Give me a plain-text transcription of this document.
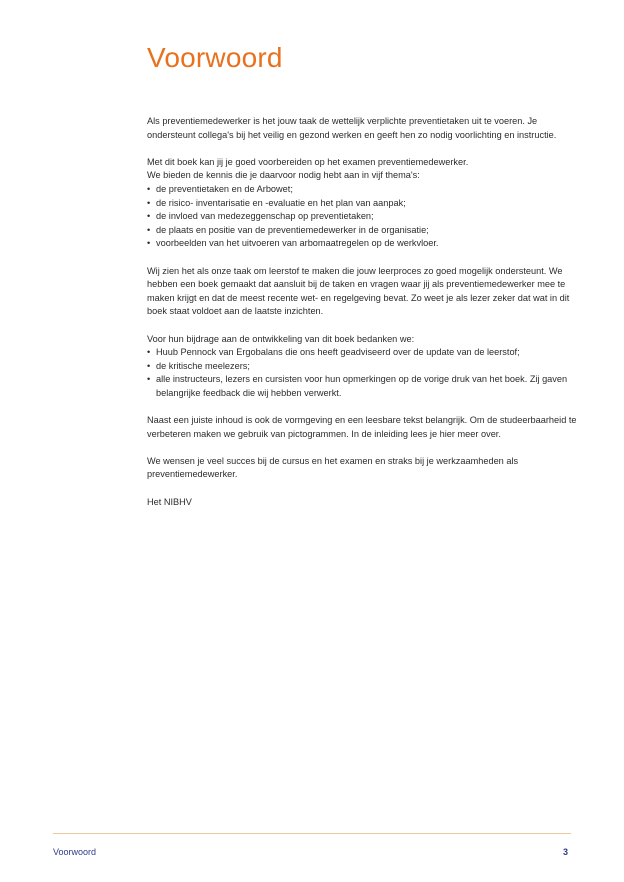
Voorwoord

Als preventiemedewerker is het jouw taak de wettelijk verplichte preventietaken uit te voeren. Je ondersteunt collega's bij het veilig en gezond werken en geeft hen zo nodig voorlichting en instructie.

Met dit boek kan jij je goed voorbereiden op het examen preventiemedewerker.
We bieden de kennis die je daarvoor nodig hebt aan in vijf thema's:
• de preventietaken en de Arbowet;
• de risico- inventarisatie en -evaluatie en het plan van aanpak;
• de invloed van medezeggenschap op preventietaken;
• de plaats en positie van de preventiemedewerker in de organisatie;
• voorbeelden van het uitvoeren van arbomaatregelen op de werkvloer.

Wij zien het als onze taak om leerstof te maken die jouw leerproces zo goed mogelijk ondersteunt. We hebben een boek gemaakt dat aansluit bij de taken en vragen waar jij als preventiemedewerker mee te maken krijgt en dat de meest recente wet- en regelgeving bevat. Zo weet je als lezer zeker dat wat in dit boek staat voldoet aan de laatste inzichten.

Voor hun bijdrage aan de ontwikkeling van dit boek bedanken we:
• Huub Pennock van Ergobalans die ons heeft geadviseerd over de update van de leerstof;
• de kritische meelezers;
• alle instructeurs, lezers en cursisten voor hun opmerkingen op de vorige druk van het boek. Zij gaven belangrijke feedback die wij hebben verwerkt.

Naast een juiste inhoud is ook de vormgeving en een leesbare tekst belangrijk. Om de studeerbaarheid te verbeteren maken we gebruik van pictogrammen. In de inleiding lees je hier meer over.

We wensen je veel succes bij de cursus en het examen en straks bij je werkzaamheden als preventiemedewerker.

Het NIBHV

Voorwoord	3
